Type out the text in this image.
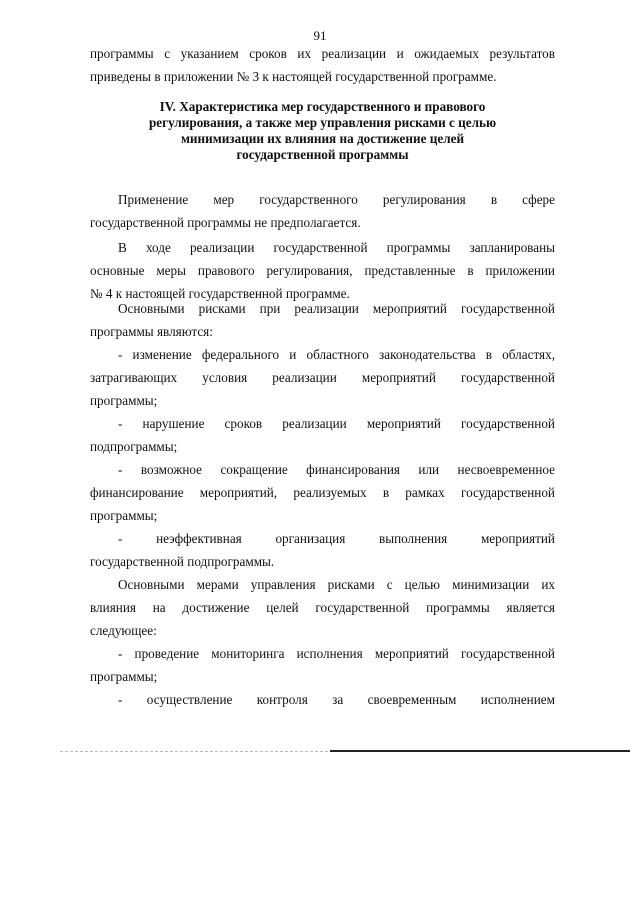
91

программы с указанием сроков их реализации и ожидаемых результатов

приведены в приложении № 3 к настоящей государственной программе.

IV. Характеристика мер государственного и правового
регулирования, а также мер управления рисками с целью
минимизации их влияния на достижение целей
государственной программы

Применение мер государственного регулирования в сфере

государственной программы не предполагается.

В ходе реализации государственной программы запланированы

основные меры правового регулирования, представленные в приложении

№ 4 к настоящей государственной программе.

Основными рисками при реализации мероприятий государственной

программы являются:

- изменение федерального и областного законодательства в областях,

затрагивающих условия реализации мероприятий государственной

программы;

- нарушение сроков реализации мероприятий государственной

подпрограммы;

- возможное сокращение финансирования или несвоевременное

финансирование мероприятий, реализуемых в рамках государственной

программы;

- неэффективная организация выполнения мероприятий

государственной подпрограммы.

Основными мерами управления рисками с целью минимизации их

влияния на достижение целей государственной программы является

следующее:

- проведение мониторинга исполнения мероприятий государственной

программы;

- осуществление контроля за своевременным исполнением
